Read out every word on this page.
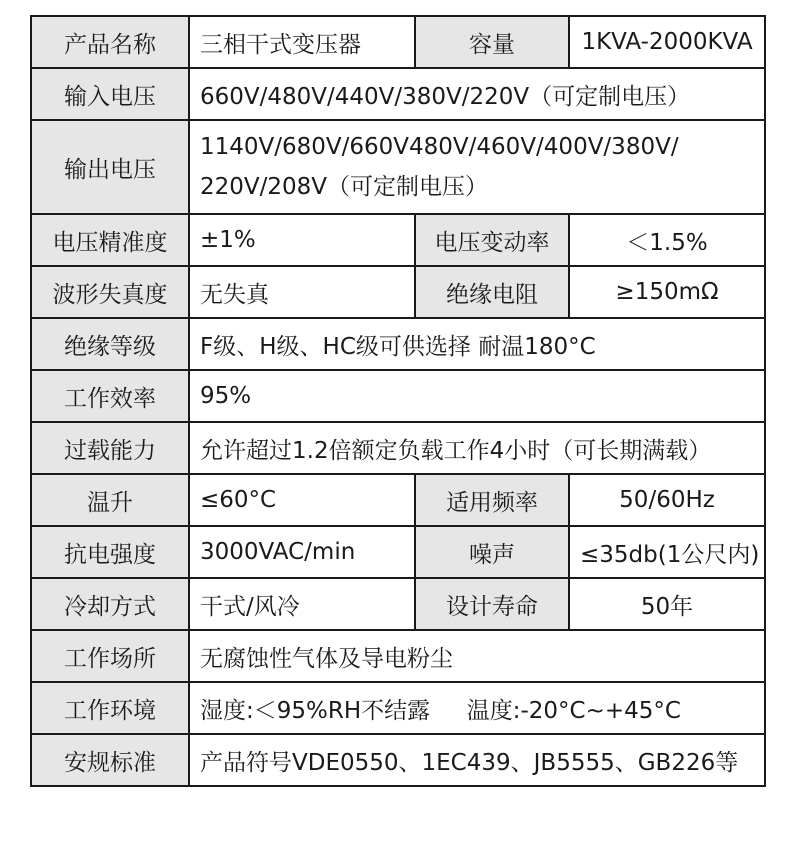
产品名称	三相干式变压器	容量	1KVA-2000KVA
输入电压	660V/480V/440V/380V/220V（可定制电压）		
输出电压	1140V/680V/660V480V/460V/400V/380V/
220V/208V（可定制电压）		

电压精准度	±1%	电压变动率	＜1.5%
波形失真度	无失真	绝缘电阻	≥150mΩ
绝缘等级	F级、H级、HC级可供选择 耐温180°C		
工作效率	95%		
过载能力	允许超过1.2倍额定负载工作4小时（可长期满载）		
温升	≤60°C	适用频率	50/60Hz
抗电强度	3000VAC/min	噪声	≤35db(1公尺内)
冷却方式	干式/风冷	设计寿命	50年
工作场所	无腐蚀性气体及导电粉尘		
工作环境	湿度:＜95%RH不结露     温度:-20°C~+45°C		
安规标准	产品符号VDE0550、1EC439、JB5555、GB226等		
